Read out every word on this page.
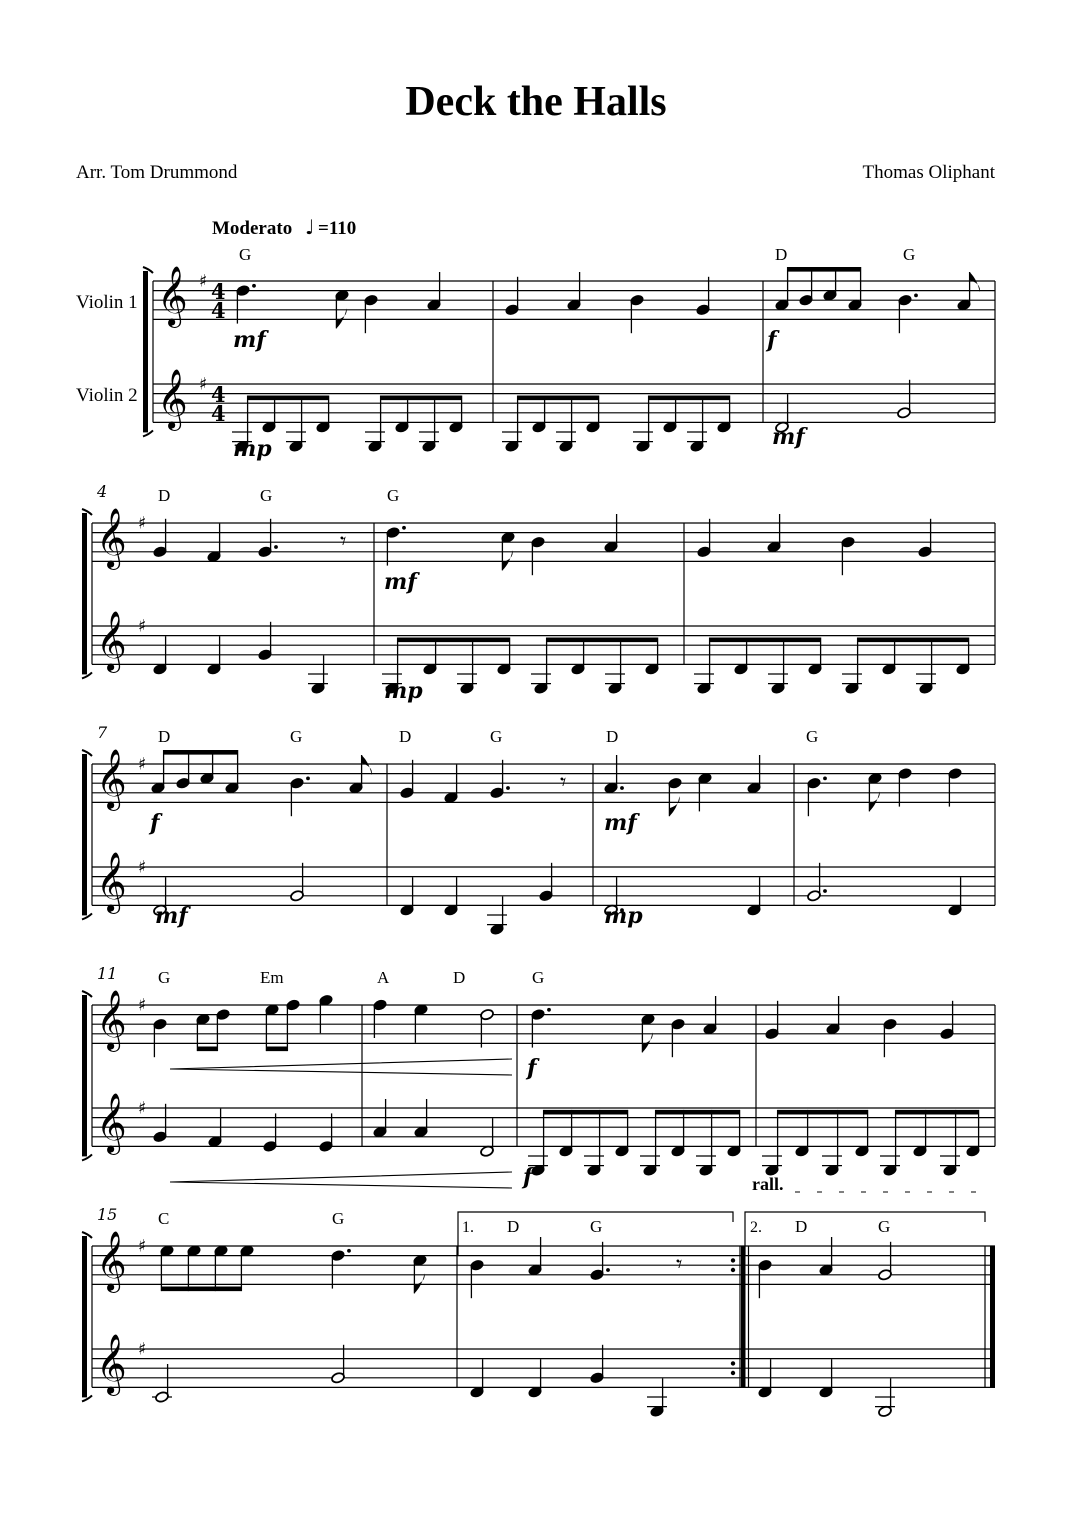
Deck the Halls
Arr. Tom Drummond	Thomas Oliphant
𝄞
𝄞
♯
♯
4
4
4
4
𝄞
𝄞
♯
♯
4
𝄞
𝄞
♯
♯
7
𝄞
𝄞
♯
♯
11
𝄞
𝄞
♯
♯
15
Violin 1
Violin 2
Moderato ♩ =110
G	D	G
mf	f
mp	mf
D	G	G
𝄾
mf
mp
D	G	D	G	D	G
𝄾
f	mf
mf	mp
G	Em	A	D	G
f
f	rall.
C	G	D	G	D	G
1.	2.
𝄾
